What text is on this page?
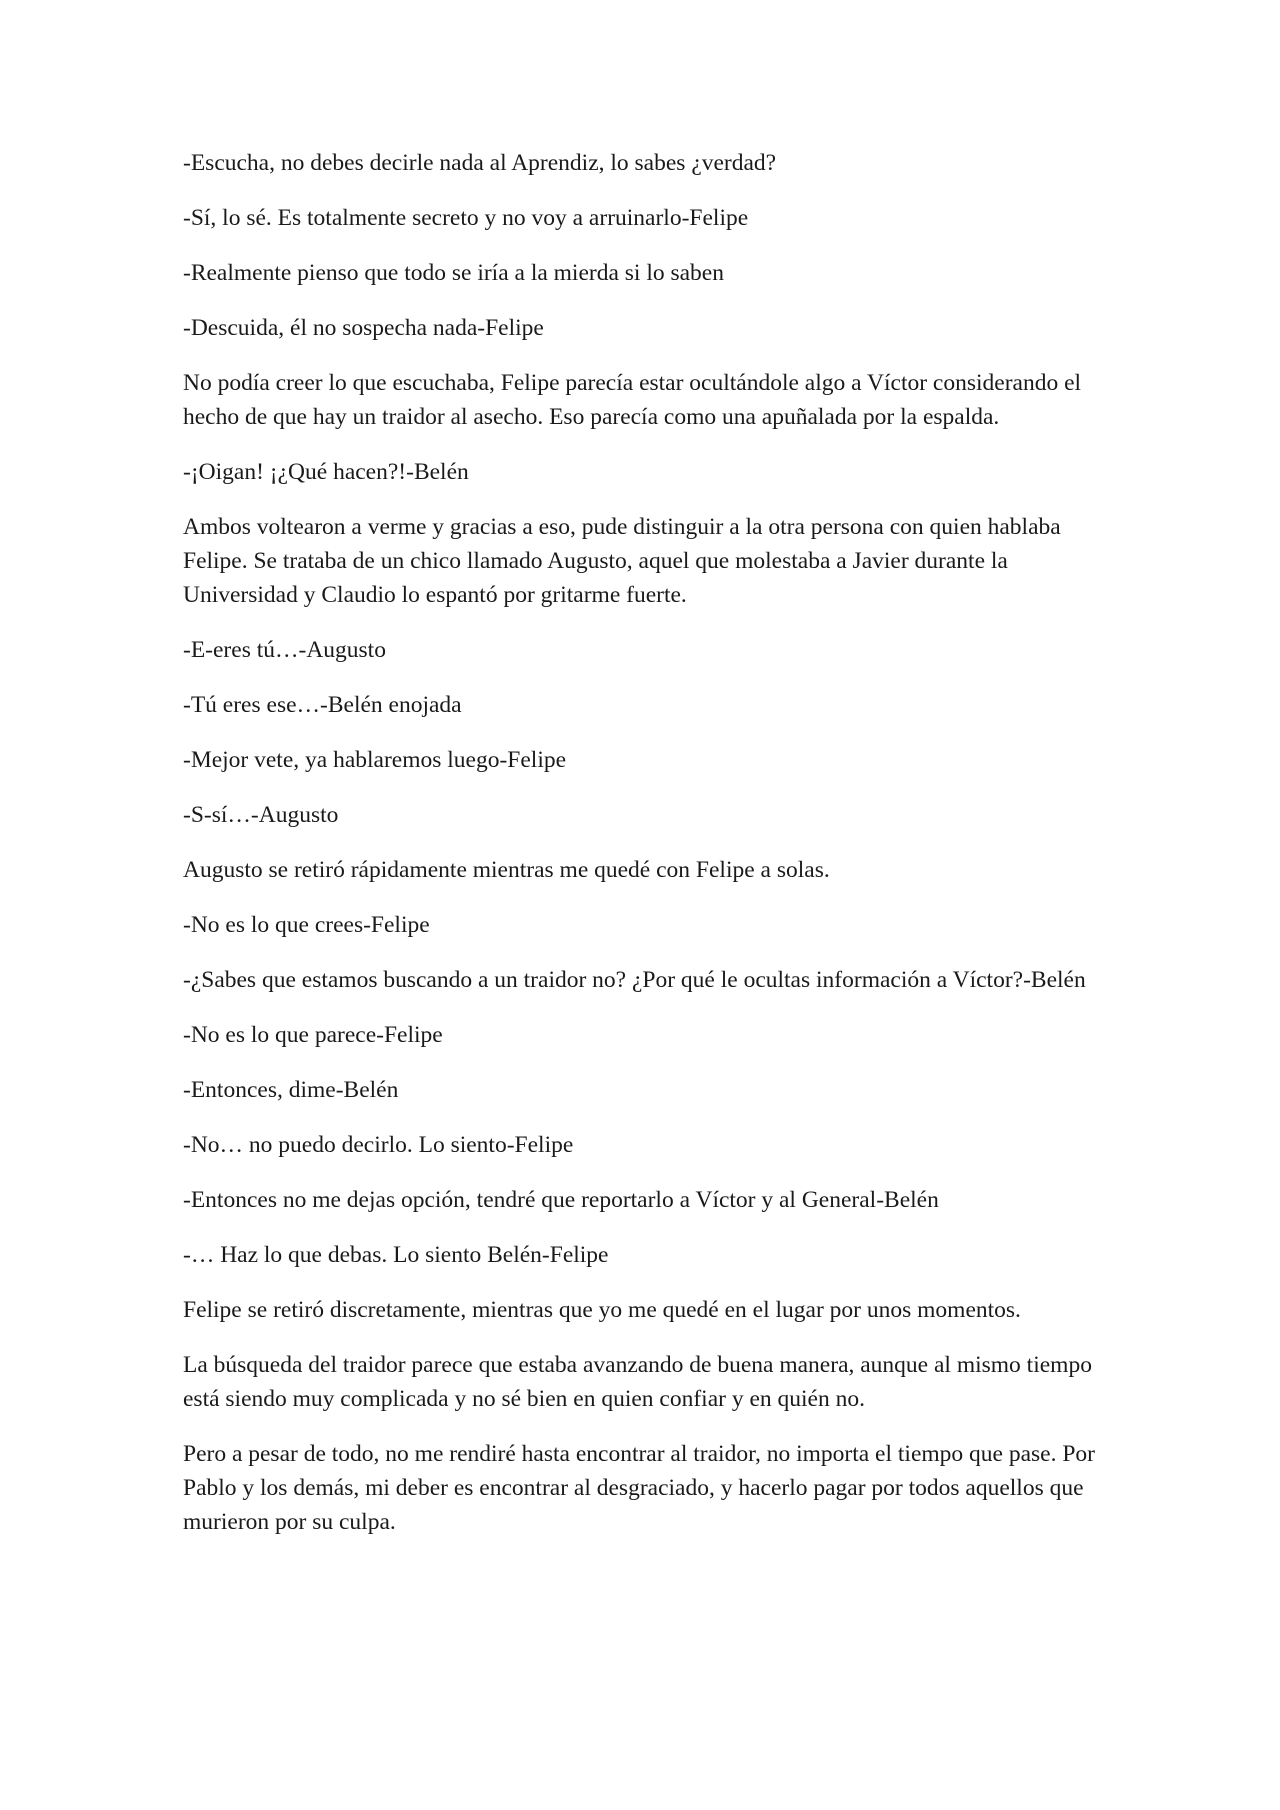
-Escucha, no debes decirle nada al Aprendiz, lo sabes ¿verdad?

-Sí, lo sé. Es totalmente secreto y no voy a arruinarlo-Felipe

-Realmente pienso que todo se iría a la mierda si lo saben

-Descuida, él no sospecha nada-Felipe

No podía creer lo que escuchaba, Felipe parecía estar ocultándole algo a Víctor considerando el hecho de que hay un traidor al asecho. Eso parecía como una apuñalada por la espalda.

-¡Oigan! ¡¿Qué hacen?!-Belén

Ambos voltearon a verme y gracias a eso, pude distinguir a la otra persona con quien hablaba Felipe. Se trataba de un chico llamado Augusto, aquel que molestaba a Javier durante la Universidad y Claudio lo espantó por gritarme fuerte.

-E-eres tú…-Augusto

-Tú eres ese…-Belén enojada

-Mejor vete, ya hablaremos luego-Felipe

-S-sí…-Augusto

Augusto se retiró rápidamente mientras me quedé con Felipe a solas.

-No es lo que crees-Felipe

-¿Sabes que estamos buscando a un traidor no? ¿Por qué le ocultas información a Víctor?-Belén

-No es lo que parece-Felipe

-Entonces, dime-Belén

-No… no puedo decirlo. Lo siento-Felipe

-Entonces no me dejas opción, tendré que reportarlo a Víctor y al General-Belén

-… Haz lo que debas. Lo siento Belén-Felipe

Felipe se retiró discretamente, mientras que yo me quedé en el lugar por unos momentos.

La búsqueda del traidor parece que estaba avanzando de buena manera, aunque al mismo tiempo está siendo muy complicada y no sé bien en quien confiar y en quién no.

Pero a pesar de todo, no me rendiré hasta encontrar al traidor, no importa el tiempo que pase. Por Pablo y los demás, mi deber es encontrar al desgraciado, y hacerlo pagar por todos aquellos que murieron por su culpa.
